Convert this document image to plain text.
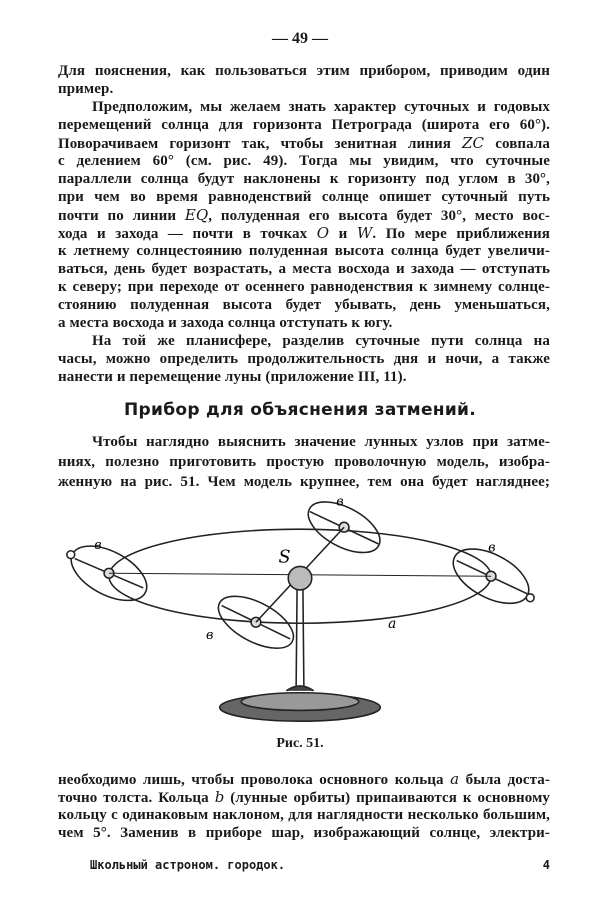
— 49 —
Для пояснения, как пользоваться этим прибором, приводим один
пример.
Предположим, мы желаем знать характер суточных и годовых
перемещений солнца для горизонта Петрограда (широта его 60°).
Поворачиваем горизонт так, чтобы зенитная линия ZC совпала
с делением 60° (см. рис. 49). Тогда мы увидим, что суточные
параллели солнца будут наклонены к горизонту под углом в 30°,
при чем во время равноденствий солнце опишет суточный путь
почти по линии EQ, полуденная его высота будет 30°, место вос-
хода и захода — почти в точках O и W. По мере приближения
к летнему солнцестоянию полуденная высота солнца будет увеличи-
ваться, день будет возрастать, а места восхода и захода — отступать
к северу; при переходе от осеннего равноденствия к зимнему солнце-
стоянию полуденная высота будет убывать, день уменьшаться,
а места восхода и захода солнца отступать к югу.
На той же планисфере, разделив суточные пути солнца на
часы, можно определить продолжительность дня и ночи, а также
нанести и перемещение луны (приложение III, 11).
Прибор для объяснения затмений.
Чтобы наглядно выяснить значение лунных узлов при затме-
ниях, полезно приготовить простую проволочную модель, изобра-
женную на рис. 51. Чем модель крупнее, тем она будет нагляднее;
S
a
в
в
в
в
Рис. 51.
необходимо лишь, чтобы проволока основного кольца a была доста-
точно толста. Кольца b (лунные орбиты) припаиваются к основному
кольцу с одинаковым наклоном, для наглядности несколько большим,
чем 5°. Заменив в приборе шар, изображающий солнце, электри-
Школьный астроном. городок.	4
